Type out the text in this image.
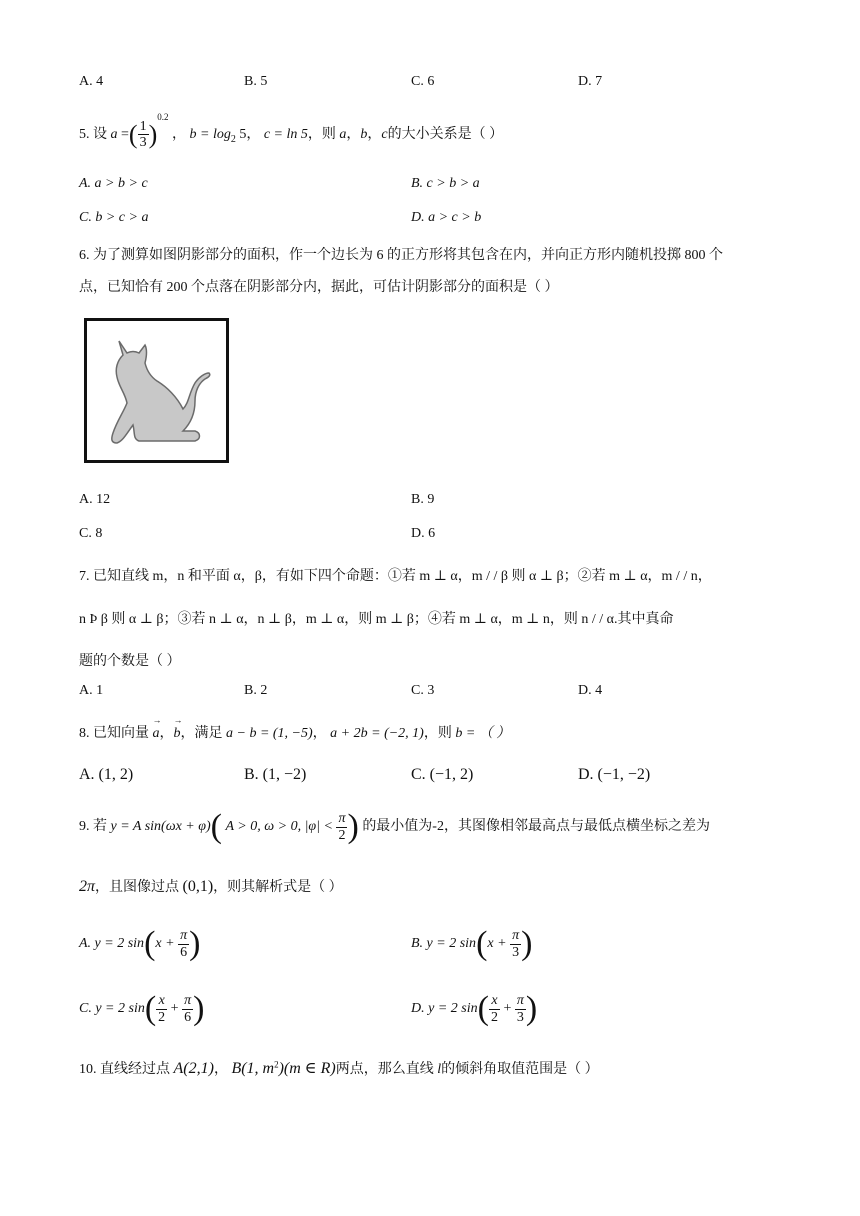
A. 4	B. 5	C. 6	D. 7
5. 设 a =( $\frac{1}{3} )^{0.2}$ ， $b = \log_2 5$， c = ln 5，则 a，b，c的大小关系是（ ）
A. a > b > c	B. c > b > a
C. b > c > a	D. a > c > b
6. 为了测算如图阴影部分的面积，作一个边长为 6 的正方形将其包含在内，并向正方形内随机投掷 800 个
点，已知恰有 200 个点落在阴影部分内，据此，可估计阴影部分的面积是（ ）
A. 12	B. 9
C. 8	D. 6
7. 已知直线 m，n 和平面 α，β，有如下四个命题：①若 m ⊥ α，m / / β 则 α ⊥ β；②若 m ⊥ α，m / / n，
n Þ β 则 α ⊥ β；③若 n ⊥ α，n ⊥ β，m ⊥ α，则 m ⊥ β；④若 m ⊥ α，m ⊥ n，则 n / / α.其中真命
题的个数是（ ）
A. 1	B. 2	C. 3	D. 4
8. 已知向量 → a，→ b，满足 a − b = (1, −5)， a + 2b = (−2, 1)，则 b = （ ）
A. (1, 2)	B. (1, −2)	C. (−1, 2)	D. (−1, −2)
9. 若 y = A sin(ωx + φ)( A > 0, ω > 0, $|\varphi| < \frac{\pi}{2}$ ) 的最小值为-2，其图像相邻最高点与最低点横坐标之差为
2π，且图像过点 (0,1)，则其解析式是（ ）
A. y = 2 $\sin(x + \frac{\pi}{6}$ )	B. y = 2 $\sin(x + \frac{\pi}{3}$ )
C. y = 2 $\sin( \frac{x}{2} + \frac{\pi}{6}$ )	D. y = 2 $\sin( \frac{x}{2} + \frac{\pi}{3}$ )
10. 直线经过点 A(2,1)， B(1, $m^2)(m$ ∈ R)两点，那么直线 l的倾斜角取值范围是（ ）
